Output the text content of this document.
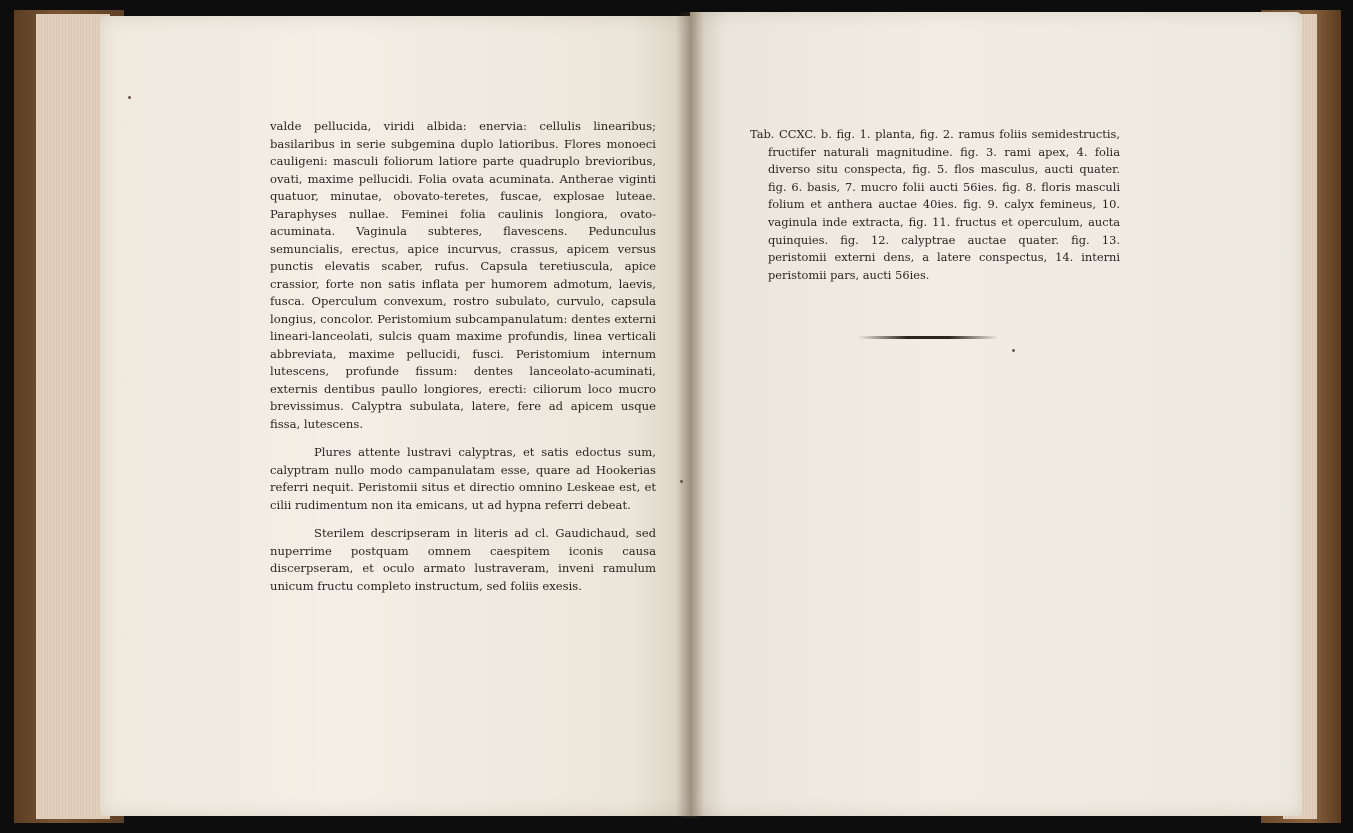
valde pellucida, viridi albida: enervia: cellulis linearibus; basilaribus in serie subgemina duplo latioribus. Flores monoeci cauligeni: masculi foliorum latiore parte quadruplo brevioribus, ovati, maxime pellucidi. Folia ovata acuminata. Antherae viginti quatuor, minutae, obovato-teretes, fuscae, explosae luteae. Paraphyses nullae. Feminei folia caulinis longiora, ovato-acuminata. Vaginula subteres, flavescens. Pedunculus semuncialis, erectus, apice incurvus, crassus, apicem versus punctis elevatis scaber, rufus. Capsula teretiuscula, apice crassior, forte non satis inflata per humorem admotum, laevis, fusca. Operculum convexum, rostro subulato, curvulo, capsula longius, concolor. Peristomium subcampanulatum: dentes externi lineari-lanceolati, sulcis quam maxime profundis, linea verticali abbreviata, maxime pellucidi, fusci. Peristomium internum lutescens, profunde fissum: dentes lanceolato-acuminati, externis dentibus paullo longiores, erecti: ciliorum loco mucro brevissimus. Calyptra subulata, latere, fere ad apicem usque fissa, lutescens.

Plures attente lustravi calyptras, et satis edoctus sum, calyptram nullo modo campanulatam esse, quare ad Hookerias referri nequit. Peristomii situs et directio omnino Leskeae est, et cilii rudimentum non ita emicans, ut ad hypna referri debeat.

Sterilem descripseram in literis ad cl. Gaudichaud, sed nuperrime postquam omnem caespitem iconis causa discerpseram, et oculo armato lustraveram, inveni ramulum unicum fructu completo instructum, sed foliis exesis.

Tab. CCXC. b. fig. 1. planta, fig. 2. ramus foliis semidestructis, fructifer naturali magnitudine. fig. 3. rami apex, 4. folia diverso situ conspecta, fig. 5. flos masculus, aucti quater. fig. 6. basis, 7. mucro folii aucti 56ies. fig. 8. floris masculi folium et anthera auctae 40ies. fig. 9. calyx femineus, 10. vaginula inde extracta, fig. 11. fructus et operculum, aucta quinquies. fig. 12. calyptrae auctae quater. fig. 13. peristomii externi dens, a latere conspectus, 14. interni peristomii pars, aucti 56ies.
